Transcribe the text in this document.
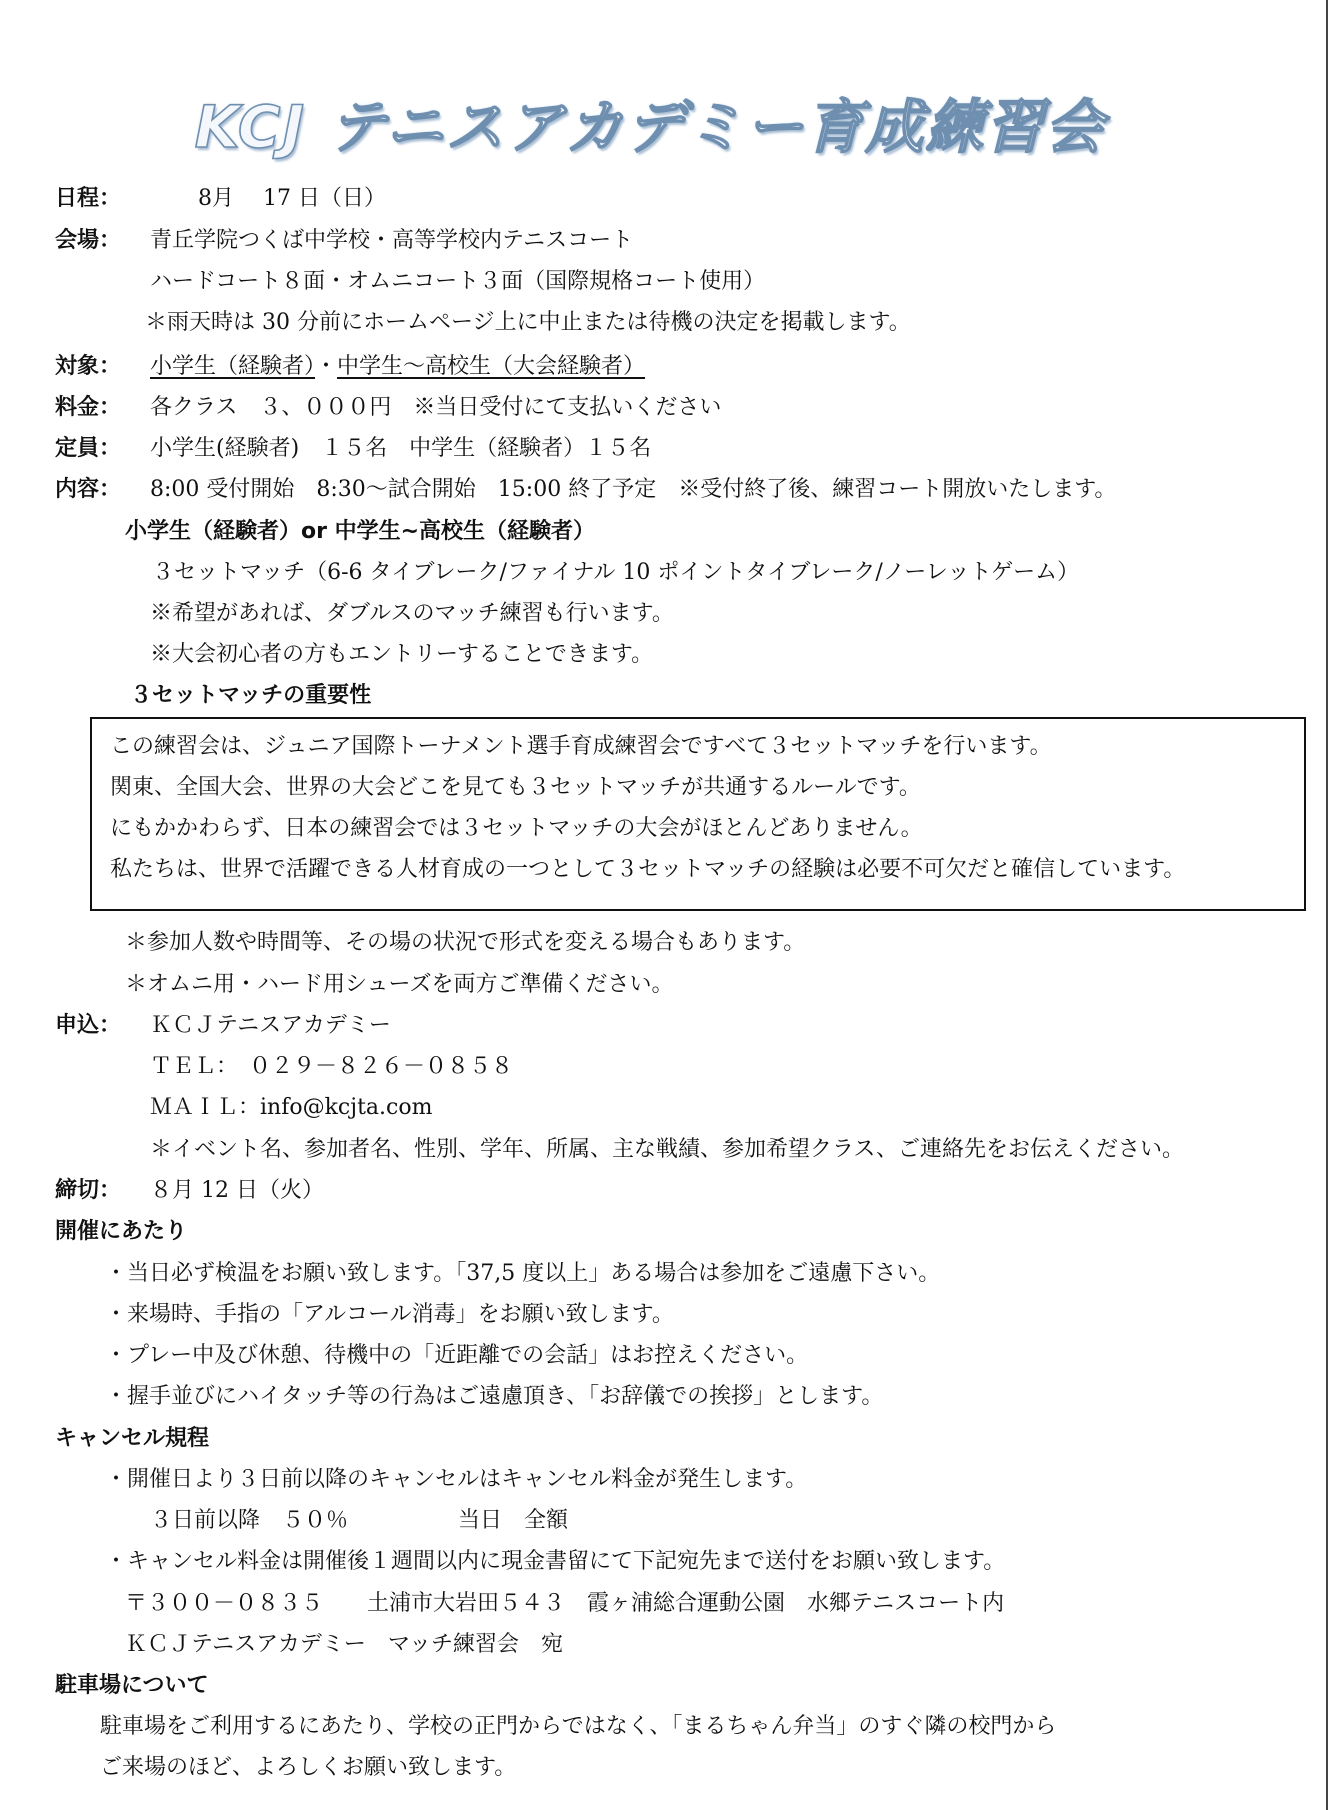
KCJ テニスアカデミー育成練習会
日程：	8月　 17 日（日）
会場： 青丘学院つくば中学校・高等学校内テニスコート
ハードコート８面・オムニコート３面（国際規格コート使用）
＊雨天時は 30 分前にホームページ上に中止または待機の決定を掲載します。
対象： 小学生（経験者）・中学生～高校生（大会経験者）
料金： 各クラス　３、０００円　※当日受付にて支払いください
定員： 小学生(経験者)　１５名　中学生（経験者）１５名
内容： 8:00 受付開始　8:30～試合開始　15:00 終了予定　※受付終了後、練習コート開放いたします。
小学生（経験者）or 中学生~高校生（経験者）
３セットマッチ（6-6 タイブレーク/ファイナル 10 ポイントタイブレーク/ノーレットゲーム）
※希望があれば、ダブルスのマッチ練習も行います。
※大会初心者の方もエントリーすることできます。
３セットマッチの重要性
この練習会は、ジュニア国際トーナメント選手育成練習会ですべて３セットマッチを行います。
関東、全国大会、世界の大会どこを見ても３セットマッチが共通するルールです。
にもかかわらず、日本の練習会では３セットマッチの大会がほとんどありません。
私たちは、世界で活躍できる人材育成の一つとして３セットマッチの経験は必要不可欠だと確信しています。
＊参加人数や時間等、その場の状況で形式を変える場合もあります。
＊オムニ用・ハード用シューズを両方ご準備ください。
申込： ＫＣＪテニスアカデミー
ＴＥＬ：　０２９－８２６－０８５８
ＭＡＩＬ：info@kcjta.com
＊イベント名、参加者名、性別、学年、所属、主な戦績、参加希望クラス、ご連絡先をお伝えください。
締切： ８月 12 日（火）
開催にあたり
・当日必ず検温をお願い致します。「37,5 度以上」ある場合は参加をご遠慮下さい。
・来場時、手指の「アルコール消毒」をお願い致します。
・プレー中及び休憩、待機中の「近距離での会話」はお控えください。
・握手並びにハイタッチ等の行為はご遠慮頂き、「お辞儀での挨拶」とします。
キャンセル規程
・開催日より３日前以降のキャンセルはキャンセル料金が発生します。
３日前以降　５０％	当日　全額
・キャンセル料金は開催後１週間以内に現金書留にて下記宛先まで送付をお願い致します。
〒３００－０８３５　　土浦市大岩田５４３　霞ヶ浦総合運動公園　水郷テニスコート内
ＫＣＪテニスアカデミー　マッチ練習会　宛
駐車場について
駐車場をご利用するにあたり、学校の正門からではなく、「まるちゃん弁当」のすぐ隣の校門から
ご来場のほど、よろしくお願い致します。
